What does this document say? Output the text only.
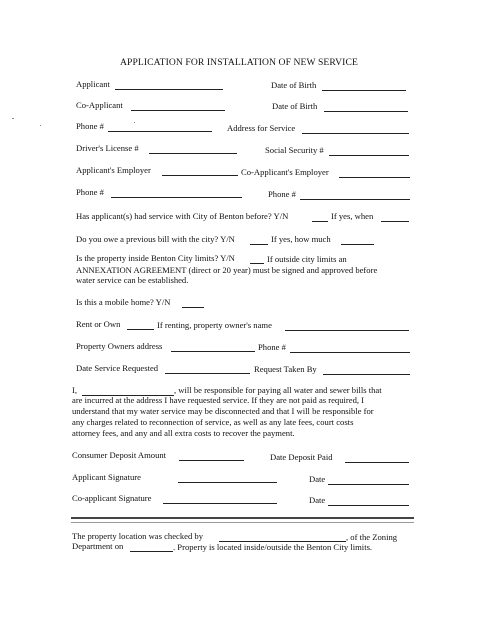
APPLICATION FOR INSTALLATION OF NEW SERVICE
Applicant	Date of Birth
Co-Applicant	Date of Birth
Phone #	Address for Service
Driver's License #	Social Security #
Applicant's Employer	Co-Applicant's Employer
Phone #	Phone #
Has applicant(s) had service with City of Benton before? Y/N	If yes, when
Do you owe a previous bill with the city? Y/N	If yes, how much
Is the property inside Benton City limits? Y/N	If outside city limits an
ANNEXATION AGREEMENT (direct or 20 year) must be signed and approved before
water service can be established.
Is this a mobile home? Y/N
Rent or Own	If renting, property owner's name
Property Owners address	Phone #
Date Service Requested	Request Taken By
I,	, will be responsible for paying all water and sewer bills that
are incurred at the address I have requested service. If they are not paid as required, I
understand that my water service may be disconnected and that I will be responsible for
any charges related to reconnection of service, as well as any late fees, court costs
attorney fees, and any and all extra costs to recover the payment.
Consumer Deposit Amount	Date Deposit Paid
Applicant Signature	Date
Co-applicant Signature	Date
The property location was checked by	, of the Zoning
Department on	. Property is located inside/outside the Benton City limits.
